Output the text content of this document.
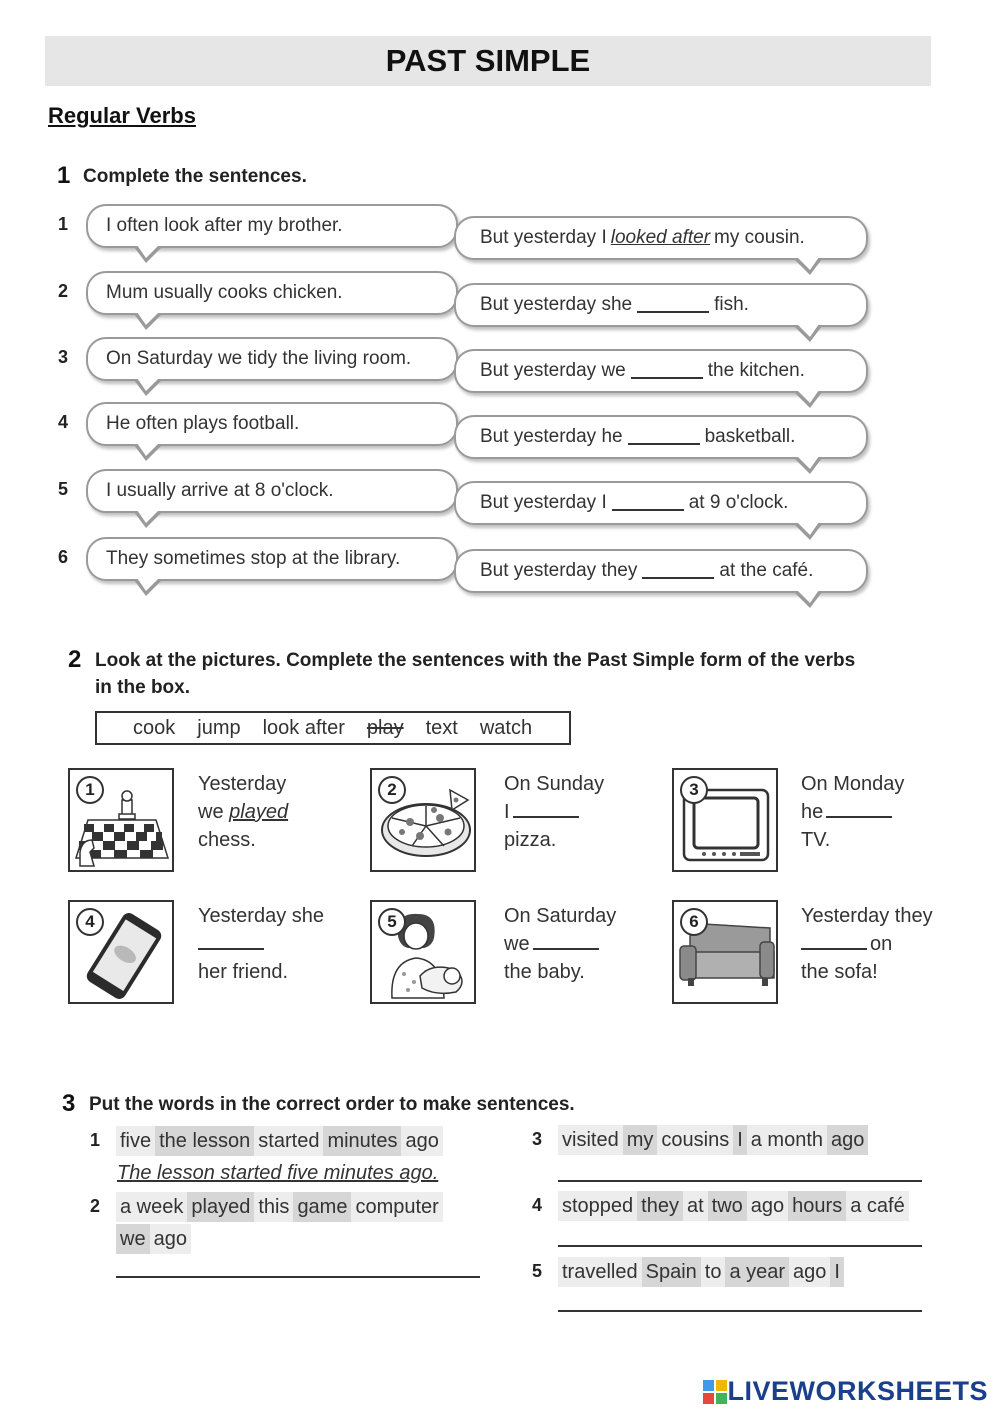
PAST SIMPLE
Regular Verbs
1 Complete the sentences.
1 I often look after my brother.
But yesterday I looked after my cousin.
2 Mum usually cooks chicken.
But yesterday she	fish.
3 On Saturday we tidy the living room.
But yesterday we	the kitchen.
4 He often plays football.
But yesterday he	basketball.
5 I usually arrive at 8 o'clock.
But yesterday I	at 9 o'clock.
6 They sometimes stop at the library.
But yesterday they	at the café.
2 Look at the pictures. Complete the sentences with the Past Simple form of the verbs
in the box.
cook jump look after play text watch
1	Yesterday
we played
chess.
2	On Sunday
I
pizza.
3	On Monday
he
TV.
4	Yesterday she
her friend.
5	On Saturday
we
the baby.
6	Yesterday they
on
the sofa!
3 Put the words in the correct order to make sentences.
1 five the lesson started minutes ago
The lesson started five minutes ago.
2 a week played this game computer
we ago
3 visited my cousins I a month ago
4 stopped they at two ago hours a café
5 travelled Spain to a year ago I
LIVEWORKSHEETS
